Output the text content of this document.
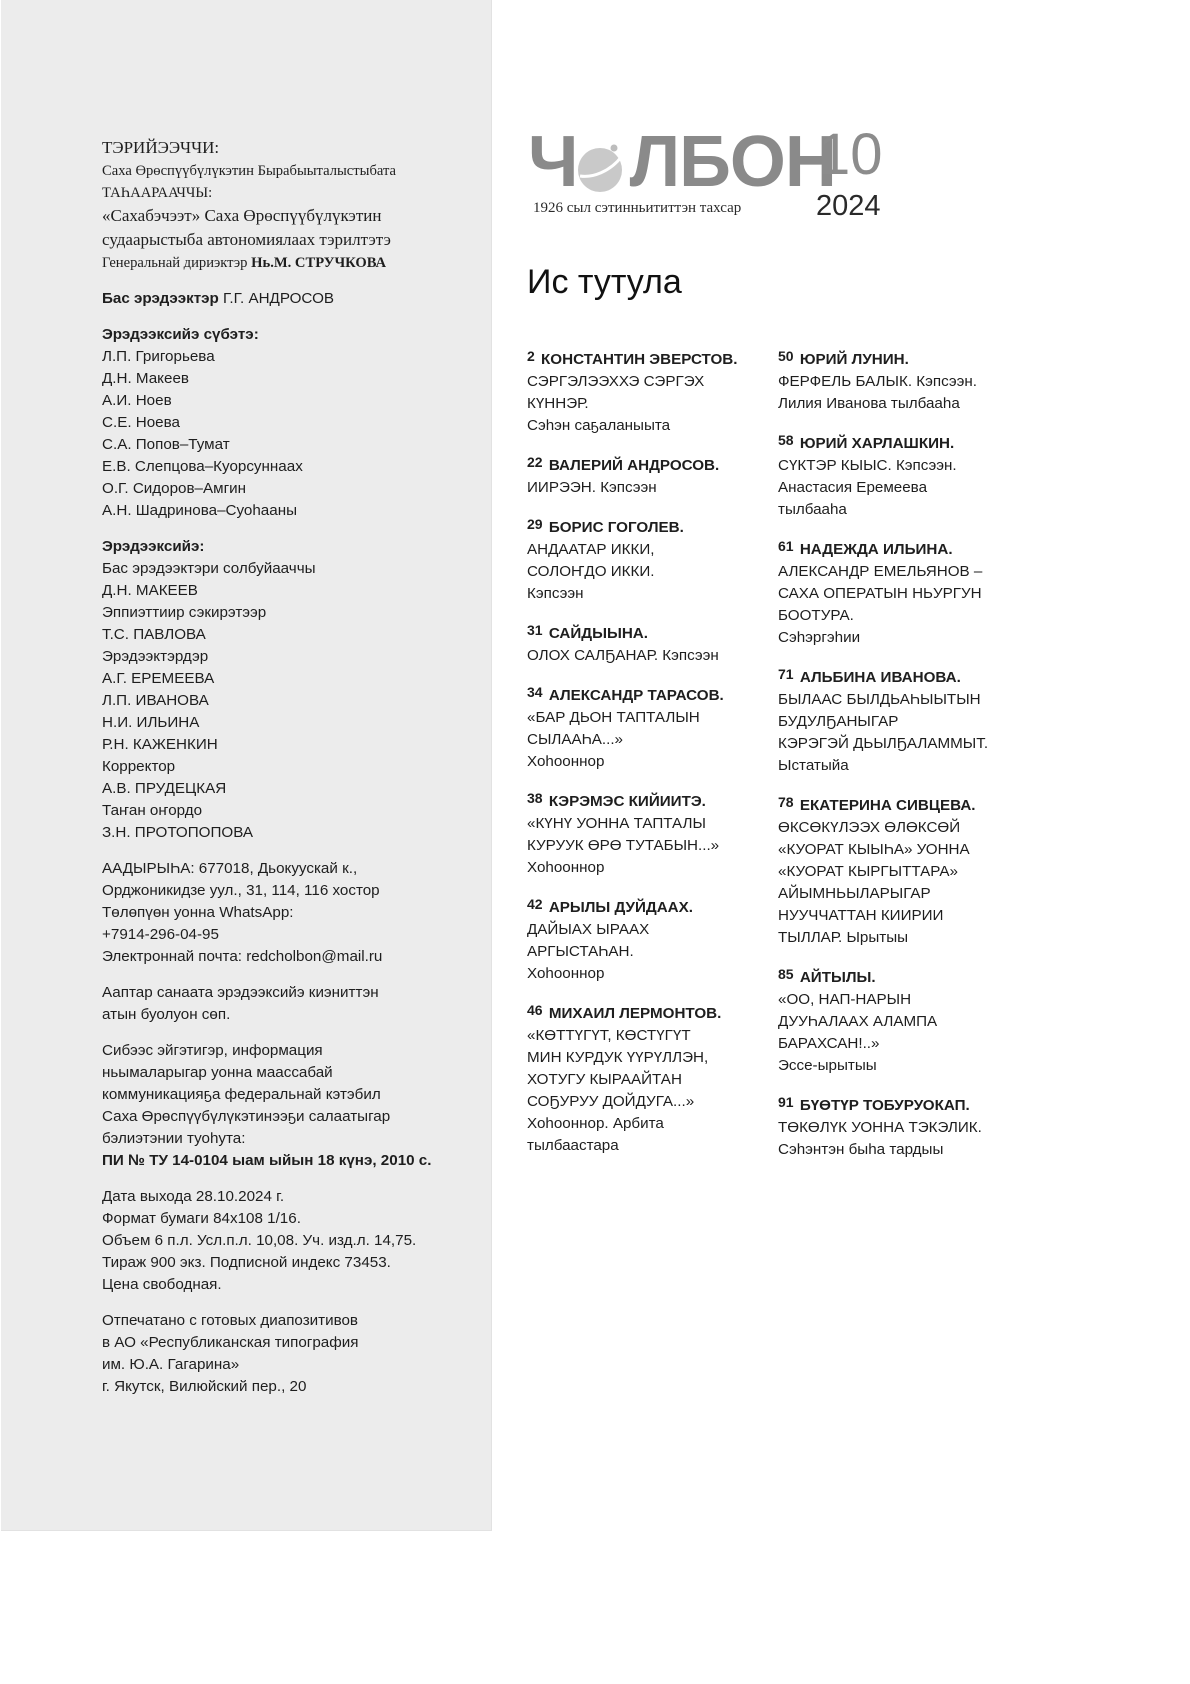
ТЭРИЙЭЭЧЧИ:

Саха Өрөспүүбүлүкэтин Бырабыыталыстыбата

ТАҺААРААЧЧЫ:

«Сахабэчээт» Саха Өрөспүүбүлүкэтин

судаарыстыба автономиялаах тэрилтэтэ

Генеральнай дириэктэр Нь.М. СТРУЧКОВА

Бас эрэдээктэр Г.Г. АНДРОСОВ

Эрэдээксийэ сүбэтэ:

Л.П. Григорьева

Д.Н. Макеев

А.И. Ноев

С.Е. Ноева

С.А. Попов–Тумат

Е.В. Слепцова–Куорсуннаах

О.Г. Сидоров–Амгин

А.Н. Шадринова–Суоһааны

Эрэдээксийэ:

Бас эрэдээктэри солбуйааччы

Д.Н. МАКЕЕВ

Эппиэттиир сэкирэтээр

Т.С. ПАВЛОВА

Эрэдээктэрдэр

А.Г. ЕРЕМЕЕВА

Л.П. ИВАНОВА

Н.И. ИЛЬИНА

Р.Н. КАЖЕНКИН

Корректор

А.В. ПРУДЕЦКАЯ

Таҥан оҥордо

З.Н. ПРОТОПОПОВА

ААДЫРЫҺА: 677018, Дьокуускай к.,

Орджоникидзе уул., 31, 114, 116 хостор

Төлөпүөн уонна WhatsApp:

+7914-296-04-95

Электроннай почта: redcholbon@mail.ru

Ааптар санаата эрэдээксийэ киэниттэн

атын буолуон сөп.

Сибээс эйгэтигэр, информация

ньымаларыгар уонна маассабай

коммуникацияҕа федеральнай кэтэбил

Саха Өрөспүүбүлүкэтинээҕи салаатыгар

бэлиэтэнии туоһута:

ПИ № ТУ 14-0104 ыам ыйын 18 күнэ, 2010 с.

Дата выхода 28.10.2024 г.

Формат бумаги 84х108 1/16.

Объем 6 п.л. Усл.п.л. 10,08. Уч. изд.л. 14,75.

Тираж 900 экз. Подписной индекс 73453.

Цена свободная.

Отпечатано с готовых диапозитивов

в АО «Республиканская типография

им. Ю.А. Гагарина»

г. Якутск, Вилюйский пер., 20

Ч ЛБОН
10
2024
1926 сыл сэтинньититтэн тахсар
Ис тутула

2 КОНСТАНТИН ЭВЕРСТОВ.

СЭРГЭЛЭЭХХЭ СЭРГЭХ

КҮННЭР.

Сэһэн саҕаланыыта

22 ВАЛЕРИЙ АНДРОСОВ.

ИИРЭЭН. Кэпсээн

29 БОРИС ГОГОЛЕВ.

АНДААТАР ИККИ,

СОЛОҤДО ИККИ.

Кэпсээн

31 САЙДЫЫНА.

ОЛОХ САЛҔАНАР. Кэпсээн

34 АЛЕКСАНДР ТАРАСОВ.

«БАР ДЬОН ТАПТАЛЫН

СЫЛААҺА...»

Хоһооннор

38 КЭРЭМЭС КИЙИИТЭ.

«КҮНҮ УОННА ТАПТАЛЫ

КУРУУК ӨРӨ ТУТАБЫН...»

Хоһооннор

42 АРЫЛЫ ДУЙДААХ.

ДАЙЫАХ ЫРААХ

АРГЫСТАҺАН.

Хоһооннор

46 МИХАИЛ ЛЕРМОНТОВ.

«КӨТТҮГҮТ, КӨСТҮГҮТ

МИН КУРДУК ҮҮРҮЛЛЭН,

ХОТУГУ КЫРААЙТАН

СОҔУРУУ ДОЙДУГА...»

Хоһооннор. Арбита

тылбаастара

50 ЮРИЙ ЛУНИН.

ФЕРФЕЛЬ БАЛЫК. Кэпсээн.

Лилия Иванова тылбааһа

58 ЮРИЙ ХАРЛАШКИН.

СҮКТЭР КЫЫС. Кэпсээн.

Анастасия Еремеева

тылбааһа

61 НАДЕЖДА ИЛЬИНА.

АЛЕКСАНДР ЕМЕЛЬЯНОВ –

САХА ОПЕРАТЫН НЬУРГУН

БООТУРА.

Сэһэргэһии

71 АЛЬБИНА ИВАНОВА.

БЫЛААС БЫЛДЬАҺЫЫТЫН

БУДУЛҔАНЫГАР

КЭРЭГЭЙ ДЬЫЛҔАЛАММЫТ.

Ыстатыйа

78 ЕКАТЕРИНА СИВЦЕВА.

ӨКСӨКҮЛЭЭХ ӨЛӨКСӨЙ

«КУОРАТ КЫЫҺА» УОННА

«КУОРАТ КЫРГЫТТАРА»

АЙЫМНЬЫЛАРЫГАР

НУУЧЧАТТАН КИИРИИ

ТЫЛЛАР. Ырытыы

85 АЙТЫЛЫ.

«ОО, НАП-НАРЫН

ДУУҺАЛААХ АЛАМПА

БАРАХСАН!..»

Эссе-ырытыы

91 БҮӨТҮР ТОБУРУОКАП.

ТӨКӨЛҮК УОННА ТЭКЭЛИК.

Сэһэнтэн быһа тардыы
